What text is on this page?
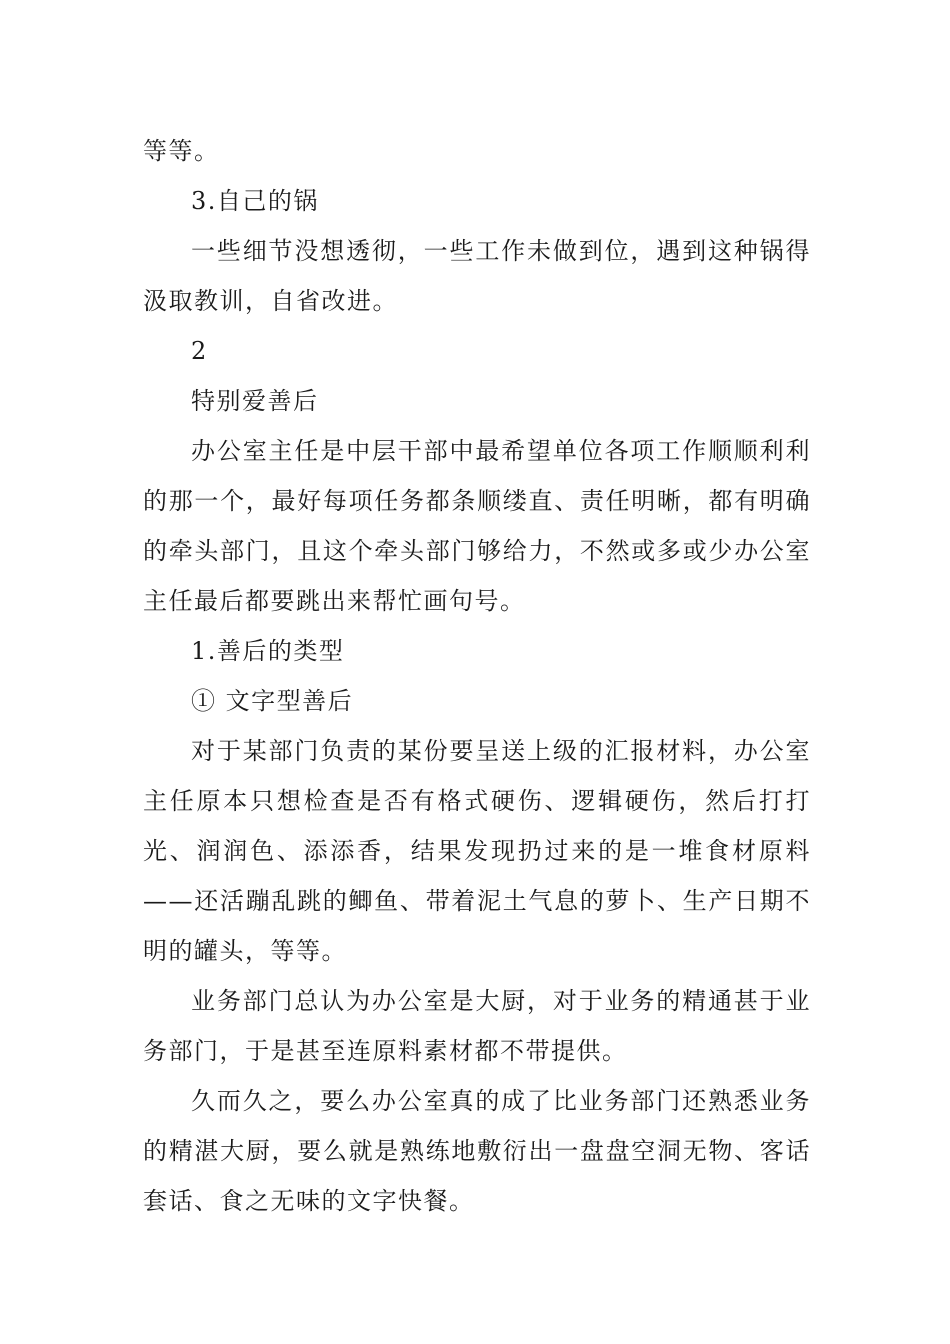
等等。

3.自己的锅

一些细节没想透彻，一些工作未做到位，遇到这种锅得汲取教训，自省改进。

2

特别爱善后

办公室主任是中层干部中最希望单位各项工作顺顺利利的那一个，最好每项任务都条顺缕直、责任明晰，都有明确的牵头部门，且这个牵头部门够给力，不然或多或少办公室主任最后都要跳出来帮忙画句号。

1.善后的类型

① 文字型善后

对于某部门负责的某份要呈送上级的汇报材料，办公室主任原本只想检查是否有格式硬伤、逻辑硬伤，然后打打光、润润色、添添香，结果发现扔过来的是一堆食材原料——还活蹦乱跳的鲫鱼、带着泥土气息的萝卜、生产日期不明的罐头，等等。

业务部门总认为办公室是大厨，对于业务的精通甚于业务部门，于是甚至连原料素材都不带提供。

久而久之，要么办公室真的成了比业务部门还熟悉业务的精湛大厨，要么就是熟练地敷衍出一盘盘空洞无物、客话套话、食之无味的文字快餐。
